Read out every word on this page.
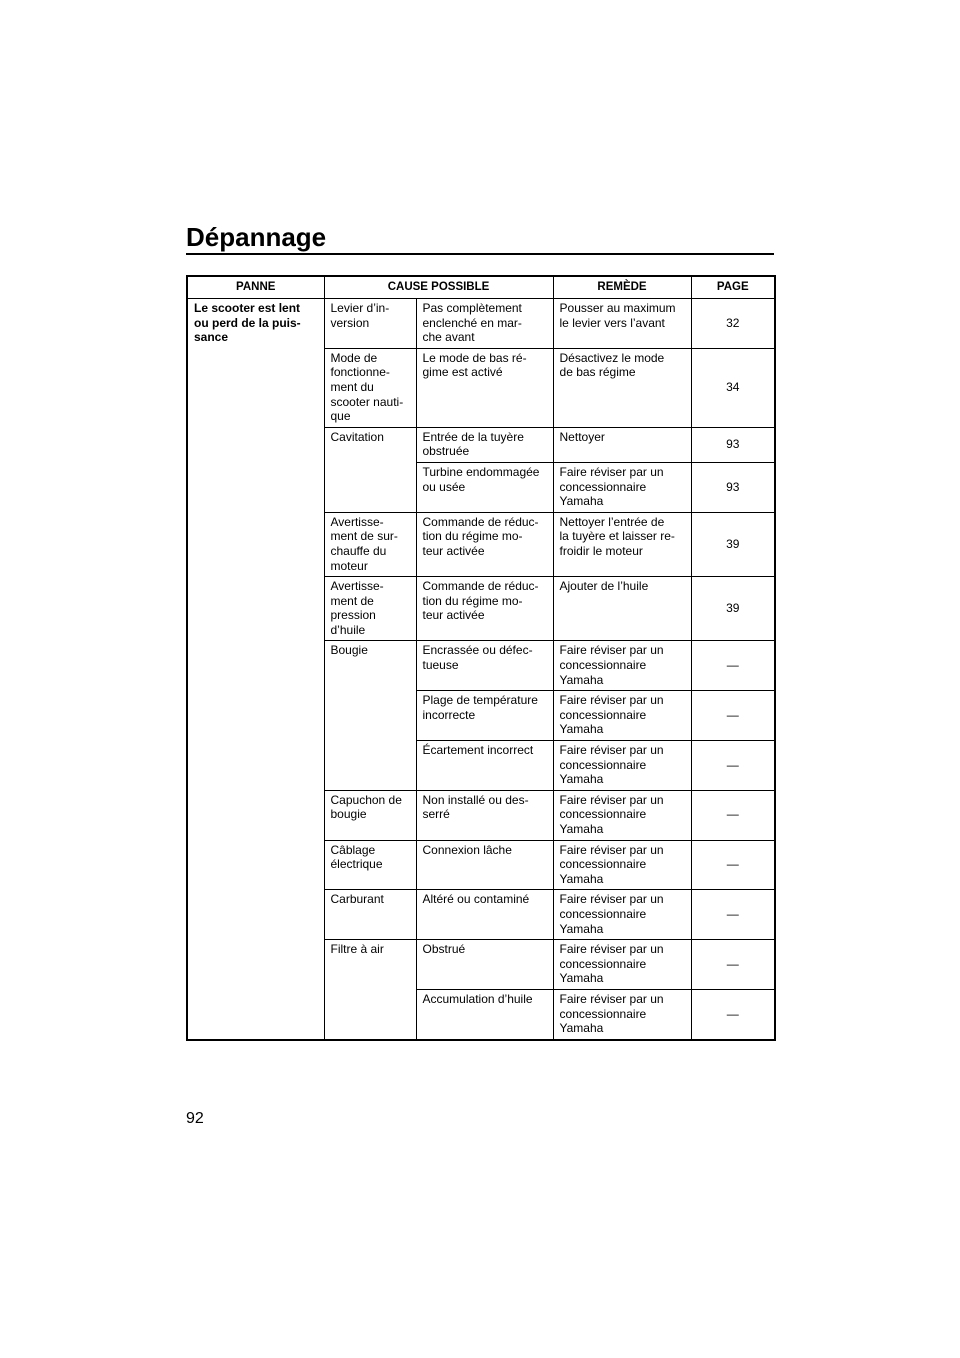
Dépannage
PANNE	CAUSE POSSIBLE		REMÈDE	PAGE

Le scooter est lent
ou perd de la puis-
sance	Levier d’in-
version	Pas complètement
enclenché en mar-
che avant	Pousser au maximum
le levier vers l’avant	32

	Mode de
fonctionne-
ment du
scooter nauti-
que	Le mode de bas ré-
gime est activé	Désactivez le mode
de bas régime	34

	Cavitation	Entrée de la tuyère
obstruée	Nettoyer	93

		Turbine endommagée
ou usée	Faire réviser par un
concessionnaire
Yamaha	93

	Avertisse-
ment de sur-
chauffe du
moteur	Commande de réduc-
tion du régime mo-
teur activée	Nettoyer l’entrée de
la tuyère et laisser re-
froidir le moteur	39

	Avertisse-
ment de
pression
d’huile	Commande de réduc-
tion du régime mo-
teur activée	Ajouter de l’huile	39

	Bougie	Encrassée ou défec-
tueuse	Faire réviser par un
concessionnaire
Yamaha	—

		Plage de température
incorrecte	Faire réviser par un
concessionnaire
Yamaha	—

		Écartement incorrect	Faire réviser par un
concessionnaire
Yamaha	—

	Capuchon de
bougie	Non installé ou des-
serré	Faire réviser par un
concessionnaire
Yamaha	—

	Câblage
électrique	Connexion lâche	Faire réviser par un
concessionnaire
Yamaha	—

	Carburant	Altéré ou contaminé	Faire réviser par un
concessionnaire
Yamaha	—

	Filtre à air	Obstrué	Faire réviser par un
concessionnaire
Yamaha	—

		Accumulation d’huile	Faire réviser par un
concessionnaire
Yamaha	—
92
